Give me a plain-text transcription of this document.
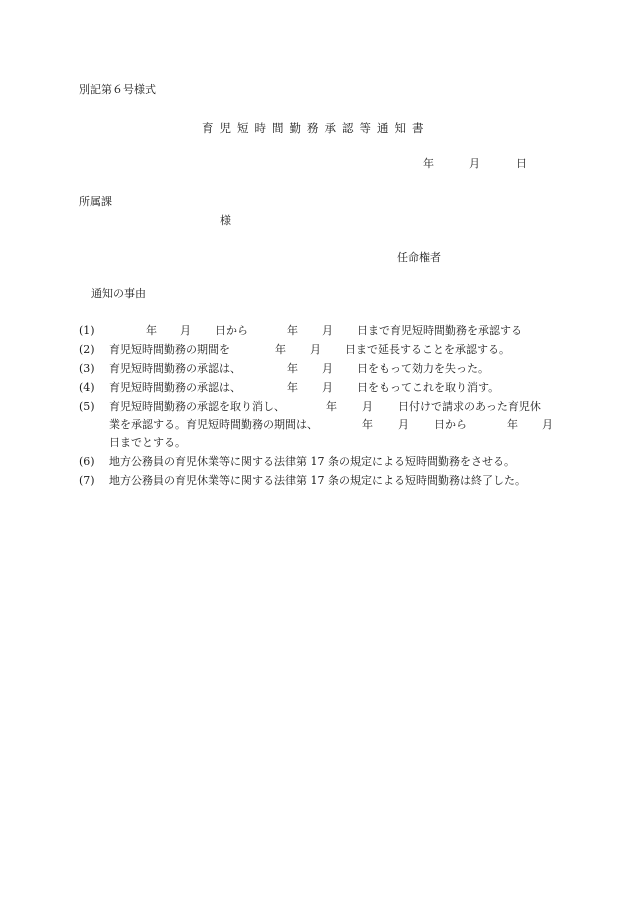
別記第６号様式
育児短時間勤務承認等通知書
年	月	日
所属課
様
任命権者
通知の事由
(1)	年 月 日から	年 月 日まで育児短時間勤務を承認する
(2) 育児短時間勤務の期間を	年 月 日まで延長することを承認する。
(3) 育児短時間勤務の承認は、	年 月 日をもって効力を失った。
(4) 育児短時間勤務の承認は、	年 月 日をもってこれを取り消す。
(5) 育児短時間勤務の承認を取り消し、	年 月 日付けで請求のあった育児休
業を承認する。育児短時間勤務の期間は、	年 月 日から	年 月
日までとする。
(6) 地方公務員の育児休業等に関する法律第 17 条の規定による短時間勤務をさせる。
(7) 地方公務員の育児休業等に関する法律第 17 条の規定による短時間勤務は終了した。
